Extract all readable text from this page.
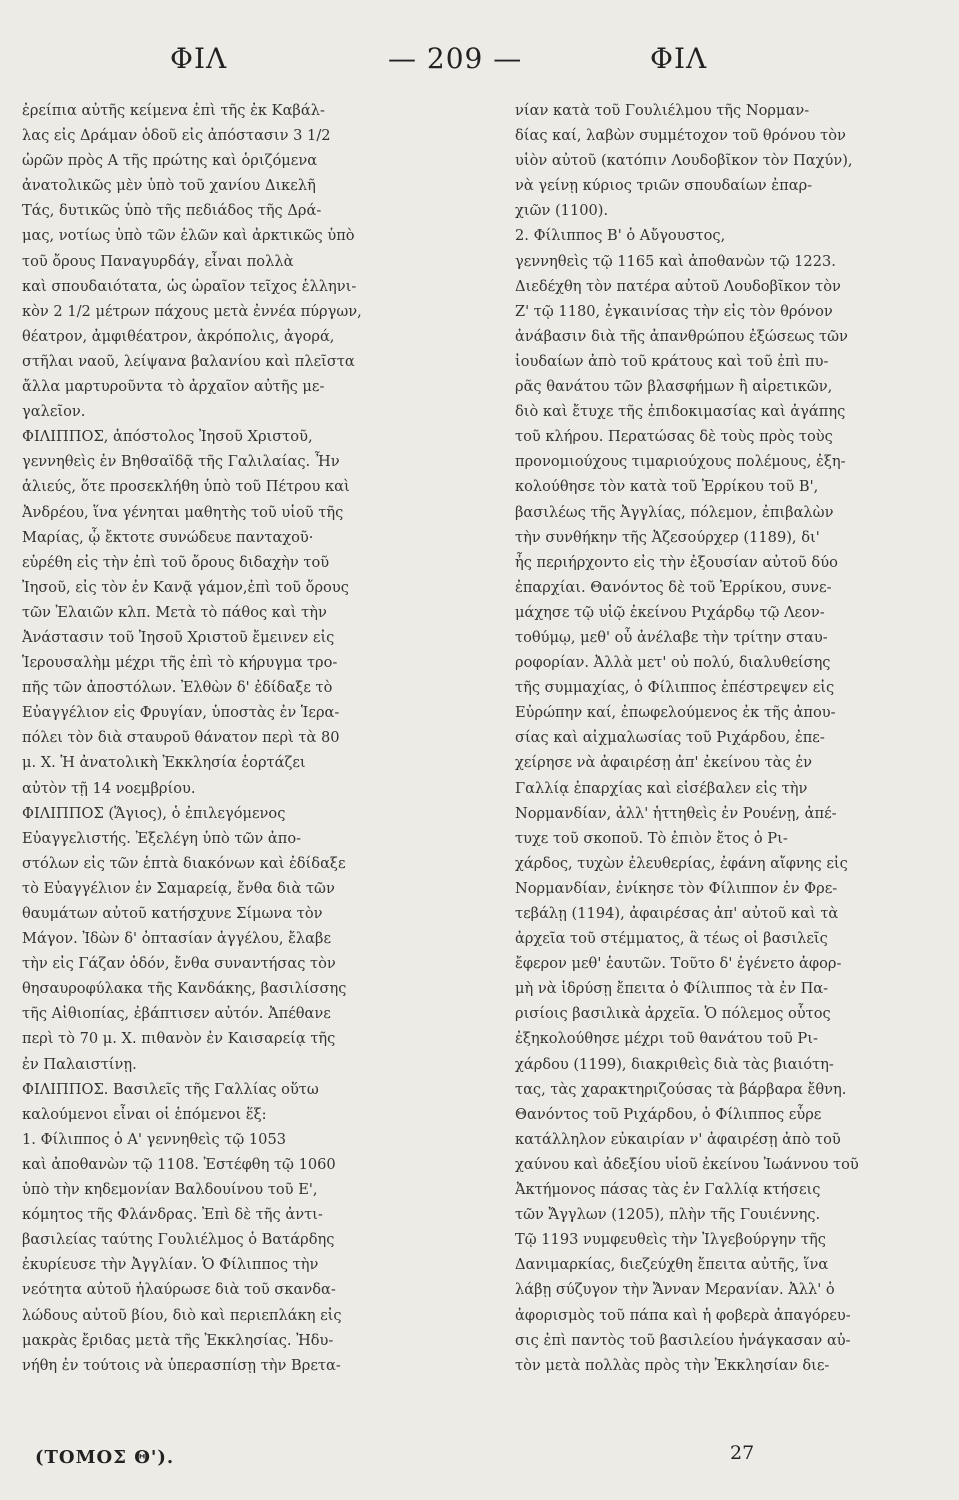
ΦΙΛ	— 209 —	ΦΙΛ
ἐρείπια αὐτῆς κείμενα ἐπὶ τῆς ἐκ Καβάλ-
λας εἰς Δράμαν ὁδοῦ εἰς ἀπόστασιν 3 1/2
ὡρῶν πρὸς Α τῆς πρώτης καὶ ὁριζόμενα
ἀνατολικῶς μὲν ὑπὸ τοῦ χανίου Δικελῆ
Τάς, δυτικῶς ὑπὸ τῆς πεδιάδος τῆς Δρά-
μας, νοτίως ὑπὸ τῶν ἑλῶν καὶ ἀρκτικῶς ὑπὸ
τοῦ ὄρους Παναγυρδάγ, εἶναι πολλὰ
καὶ σπουδαιότατα, ὡς ὡραῖον τεῖχος ἑλληνι-
κὸν 2 1/2 μέτρων πάχους μετὰ ἐννέα πύργων,
θέατρον, ἀμφιθέατρον, ἀκρόπολις, ἀγορά,
στῆλαι ναοῦ, λείψανα βαλανίου καὶ πλεῖστα
ἄλλα μαρτυροῦντα τὸ ἀρχαῖον αὐτῆς με-
γαλεῖον.
ΦΙΛΙΠΠΟΣ, ἀπόστολος Ἰησοῦ Χριστοῦ,
γεννηθεὶς ἐν Βηθσαϊδᾷ τῆς Γαλιλαίας. Ἦν
ἁλιεύς, ὅτε προσεκλήθη ὑπὸ τοῦ Πέτρου καὶ
Ἀνδρέου, ἵνα γένηται μαθητὴς τοῦ υἱοῦ τῆς
Μαρίας, ᾧ ἔκτοτε συνώδευε πανταχοῦ·
εὑρέθη εἰς τὴν ἐπὶ τοῦ ὄρους διδαχὴν τοῦ
Ἰησοῦ, εἰς τὸν ἐν Κανᾷ γάμον,ἐπὶ τοῦ ὄρους
τῶν Ἐλαιῶν κλπ. Μετὰ τὸ πάθος καὶ τὴν
Ἀνάστασιν τοῦ Ἰησοῦ Χριστοῦ ἔμεινεν εἰς
Ἱερουσαλὴμ μέχρι τῆς ἐπὶ τὸ κήρυγμα τρο-
πῆς τῶν ἀποστόλων. Ἐλθὼν δ' ἐδίδαξε τὸ
Εὐαγγέλιον εἰς Φρυγίαν, ὑποστὰς ἐν Ἱερα-
πόλει τὸν διὰ σταυροῦ θάνατον περὶ τὰ 80
μ. Χ. Ἡ ἀνατολικὴ Ἐκκλησία ἑορτάζει
αὐτὸν τῇ 14 νοεμβρίου.
ΦΙΛΙΠΠΟΣ (Ἅγιος), ὁ ἐπιλεγόμενος
Εὐαγγελιστής. Ἐξελέγη ὑπὸ τῶν ἀπο-
στόλων εἰς τῶν ἑπτὰ διακόνων καὶ ἐδίδαξε
τὸ Εὐαγγέλιον ἐν Σαμαρείᾳ, ἔνθα διὰ τῶν
θαυμάτων αὐτοῦ κατήσχυνε Σίμωνα τὸν
Μάγον. Ἰδὼν δ' ὀπτασίαν ἀγγέλου, ἔλαβε
τὴν εἰς Γάζαν ὁδόν, ἔνθα συναντήσας τὸν
θησαυροφύλακα τῆς Κανδάκης, βασιλίσσης
τῆς Αἰθιοπίας, ἐβάπτισεν αὐτόν. Ἀπέθανε
περὶ τὸ 70 μ. Χ. πιθανὸν ἐν Καισαρείᾳ τῆς
ἐν Παλαιστίνῃ.
ΦΙΛΙΠΠΟΣ. Βασιλεῖς τῆς Γαλλίας οὕτω
καλούμενοι εἶναι οἱ ἑπόμενοι ἕξ:
1. Φίλιππος ὁ Α' γεννηθεὶς τῷ 1053
καὶ ἀποθανὼν τῷ 1108. Ἐστέφθη τῷ 1060
ὑπὸ τὴν κηδεμονίαν Βαλδουίνου τοῦ Ε',
κόμητος τῆς Φλάνδρας. Ἐπὶ δὲ τῆς ἀντι-
βασιλείας ταύτης Γουλιέλμος ὁ Βατάρδης
ἐκυρίευσε τὴν Ἀγγλίαν. Ὁ Φίλιππος τὴν
νεότητα αὐτοῦ ἠλαύρωσε διὰ τοῦ σκανδα-
λώδους αὐτοῦ βίου, διὸ καὶ περιεπλάκη εἰς
μακρὰς ἔριδας μετὰ τῆς Ἐκκλησίας. Ἠδυ-
νήθη ἐν τούτοις νὰ ὑπερασπίσῃ τὴν Βρετα-
νίαν κατὰ τοῦ Γουλιέλμου τῆς Νορμαν-
δίας καί, λαβὼν συμμέτοχον τοῦ θρόνου τὸν
υἱὸν αὐτοῦ (κατόπιν Λουδοβῖκον τὸν Παχύν),
νὰ γείνῃ κύριος τριῶν σπουδαίων ἐπαρ-
χιῶν (1100).
2. Φίλιππος Β' ὁ Αὔγουστος,
γεννηθεὶς τῷ 1165 καὶ ἀποθανὼν τῷ 1223.
Διεδέχθη τὸν πατέρα αὐτοῦ Λουδοβῖκον τὸν
Ζ' τῷ 1180, ἐγκαινίσας τὴν εἰς τὸν θρόνον
ἀνάβασιν διὰ τῆς ἀπανθρώπου ἐξώσεως τῶν
ἰουδαίων ἀπὸ τοῦ κράτους καὶ τοῦ ἐπὶ πυ-
ρᾶς θανάτου τῶν βλασφήμων ἢ αἱρετικῶν,
διὸ καὶ ἔτυχε τῆς ἐπιδοκιμασίας καὶ ἀγάπης
τοῦ κλήρου. Περατώσας δὲ τοὺς πρὸς τοὺς
προνομιούχους τιμαριούχους πολέμους, ἐξη-
κολούθησε τὸν κατὰ τοῦ Ἐρρίκου τοῦ Β',
βασιλέως τῆς Ἀγγλίας, πόλεμον, ἐπιβαλὼν
τὴν συνθήκην τῆς Ἀζεσούρχερ (1189), δι'
ἧς περιήρχοντο εἰς τὴν ἐξουσίαν αὐτοῦ δύο
ἐπαρχίαι. Θανόντος δὲ τοῦ Ἐρρίκου, συνε-
μάχησε τῷ υἱῷ ἐκείνου Ριχάρδῳ τῷ Λεον-
τοθύμῳ, μεθ' οὗ ἀνέλαβε τὴν τρίτην σταυ-
ροφορίαν. Ἀλλὰ μετ' οὐ πολύ, διαλυθείσης
τῆς συμμαχίας, ὁ Φίλιππος ἐπέστρεψεν εἰς
Εὐρώπην καί, ἐπωφελούμενος ἐκ τῆς ἀπου-
σίας καὶ αἰχμαλωσίας τοῦ Ριχάρδου, ἐπε-
χείρησε νὰ ἀφαιρέσῃ ἀπ' ἐκείνου τὰς ἐν
Γαλλίᾳ ἐπαρχίας καὶ εἰσέβαλεν εἰς τὴν
Νορμανδίαν, ἀλλ' ἡττηθεὶς ἐν Ρουένῃ, ἀπέ-
τυχε τοῦ σκοποῦ. Τὸ ἐπιὸν ἔτος ὁ Ρι-
χάρδος, τυχὼν ἐλευθερίας, ἐφάνη αἴφνης εἰς
Νορμανδίαν, ἐνίκησε τὸν Φίλιππον ἐν Φρε-
τεβάλῃ (1194), ἀφαιρέσας ἀπ' αὐτοῦ καὶ τὰ
ἀρχεῖα τοῦ στέμματος, ἃ τέως οἱ βασιλεῖς
ἔφερον μεθ' ἑαυτῶν. Τοῦτο δ' ἐγένετο ἀφορ-
μὴ νὰ ἱδρύσῃ ἔπειτα ὁ Φίλιππος τὰ ἐν Πα-
ρισίοις βασιλικὰ ἀρχεῖα. Ὁ πόλεμος οὗτος
ἐξηκολούθησε μέχρι τοῦ θανάτου τοῦ Ρι-
χάρδου (1199), διακριθεὶς διὰ τὰς βιαιότη-
τας, τὰς χαρακτηριζούσας τὰ βάρβαρα ἔθνη.
Θανόντος τοῦ Ριχάρδου, ὁ Φίλιππος εὗρε
κατάλληλον εὐκαιρίαν ν' ἀφαιρέσῃ ἀπὸ τοῦ
χαύνου καὶ ἀδεξίου υἱοῦ ἐκείνου Ἰωάννου τοῦ
Ἀκτήμονος πάσας τὰς ἐν Γαλλίᾳ κτήσεις
τῶν Ἄγγλων (1205), πλὴν τῆς Γουιέννης.
Τῷ 1193 νυμφευθεὶς τὴν Ἰλγεβούργην τῆς
Δανιμαρκίας, διεζεύχθη ἔπειτα αὐτῆς, ἵνα
λάβῃ σύζυγον τὴν Ἄνναν Μερανίαν. Ἀλλ' ὁ
ἀφορισμὸς τοῦ πάπα καὶ ἡ φοβερὰ ἀπαγόρευ-
σις ἐπὶ παντὸς τοῦ βασιλείου ἠνάγκασαν αὐ-
τὸν μετὰ πολλὰς πρὸς τὴν Ἐκκλησίαν διε-
(ΤΟΜΟΣ Θ').	27
